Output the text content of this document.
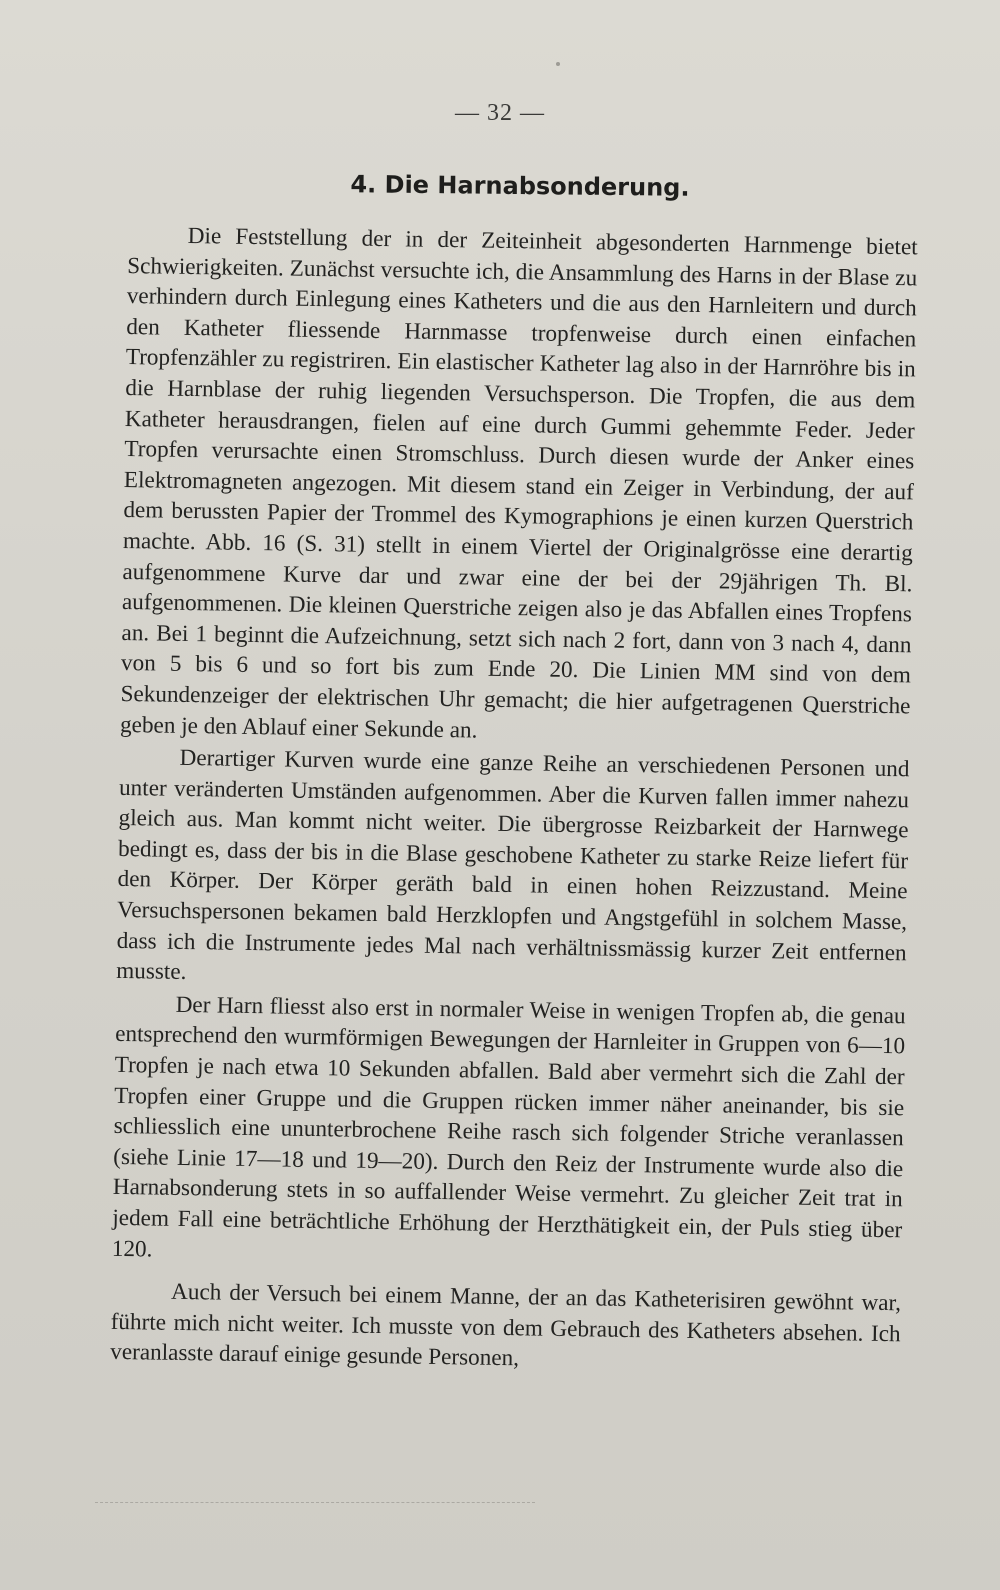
— 32 —
4. Die Harnabsonderung.

Die Feststellung der in der Zeiteinheit abgesonderten Harnmenge bietet Schwierigkeiten. Zunächst versuchte ich, die Ansammlung des Harns in der Blase zu verhindern durch Einlegung eines Katheters und die aus den Harnleitern und durch den Katheter fliessende Harnmasse tropfenweise durch einen einfachen Tropfenzähler zu registriren. Ein elastischer Katheter lag also in der Harnröhre bis in die Harnblase der ruhig liegenden Versuchsperson. Die Tropfen, die aus dem Katheter herausdrangen, fielen auf eine durch Gummi gehemmte Feder. Jeder Tropfen verursachte einen Stromschluss. Durch diesen wurde der Anker eines Elektromagneten angezogen. Mit diesem stand ein Zeiger in Verbindung, der auf dem berussten Papier der Trommel des Kymographions je einen kurzen Querstrich machte. Abb. 16 (S. 31) stellt in einem Viertel der Originalgrösse eine derartig aufgenommene Kurve dar und zwar eine der bei der 29jährigen Th. Bl. aufgenommenen. Die kleinen Querstriche zeigen also je das Abfallen eines Tropfens an. Bei 1 beginnt die Aufzeichnung, setzt sich nach 2 fort, dann von 3 nach 4, dann von 5 bis 6 und so fort bis zum Ende 20. Die Linien MM sind von dem Sekundenzeiger der elektrischen Uhr gemacht; die hier aufgetragenen Querstriche geben je den Ablauf einer Sekunde an.

Derartiger Kurven wurde eine ganze Reihe an verschiedenen Personen und unter veränderten Umständen aufgenommen. Aber die Kurven fallen immer nahezu gleich aus. Man kommt nicht weiter. Die übergrosse Reizbarkeit der Harnwege bedingt es, dass der bis in die Blase geschobene Katheter zu starke Reize liefert für den Körper. Der Körper geräth bald in einen hohen Reizzustand. Meine Versuchspersonen bekamen bald Herzklopfen und Angstgefühl in solchem Masse, dass ich die Instrumente jedes Mal nach verhältnissmässig kurzer Zeit entfernen musste.

Der Harn fliesst also erst in normaler Weise in wenigen Tropfen ab, die genau entsprechend den wurmförmigen Bewegungen der Harnleiter in Gruppen von 6—10 Tropfen je nach etwa 10 Sekunden abfallen. Bald aber vermehrt sich die Zahl der Tropfen einer Gruppe und die Gruppen rücken immer näher aneinander, bis sie schliesslich eine ununterbrochene Reihe rasch sich folgender Striche veranlassen (siehe Linie 17—18 und 19—20). Durch den Reiz der Instrumente wurde also die Harnabsonderung stets in so auffallender Weise vermehrt. Zu gleicher Zeit trat in jedem Fall eine beträchtliche Erhöhung der Herzthätigkeit ein, der Puls stieg über 120.

Auch der Versuch bei einem Manne, der an das Katheterisiren gewöhnt war, führte mich nicht weiter. Ich musste von dem Gebrauch des Katheters absehen. Ich veranlasste darauf einige gesunde Personen,
